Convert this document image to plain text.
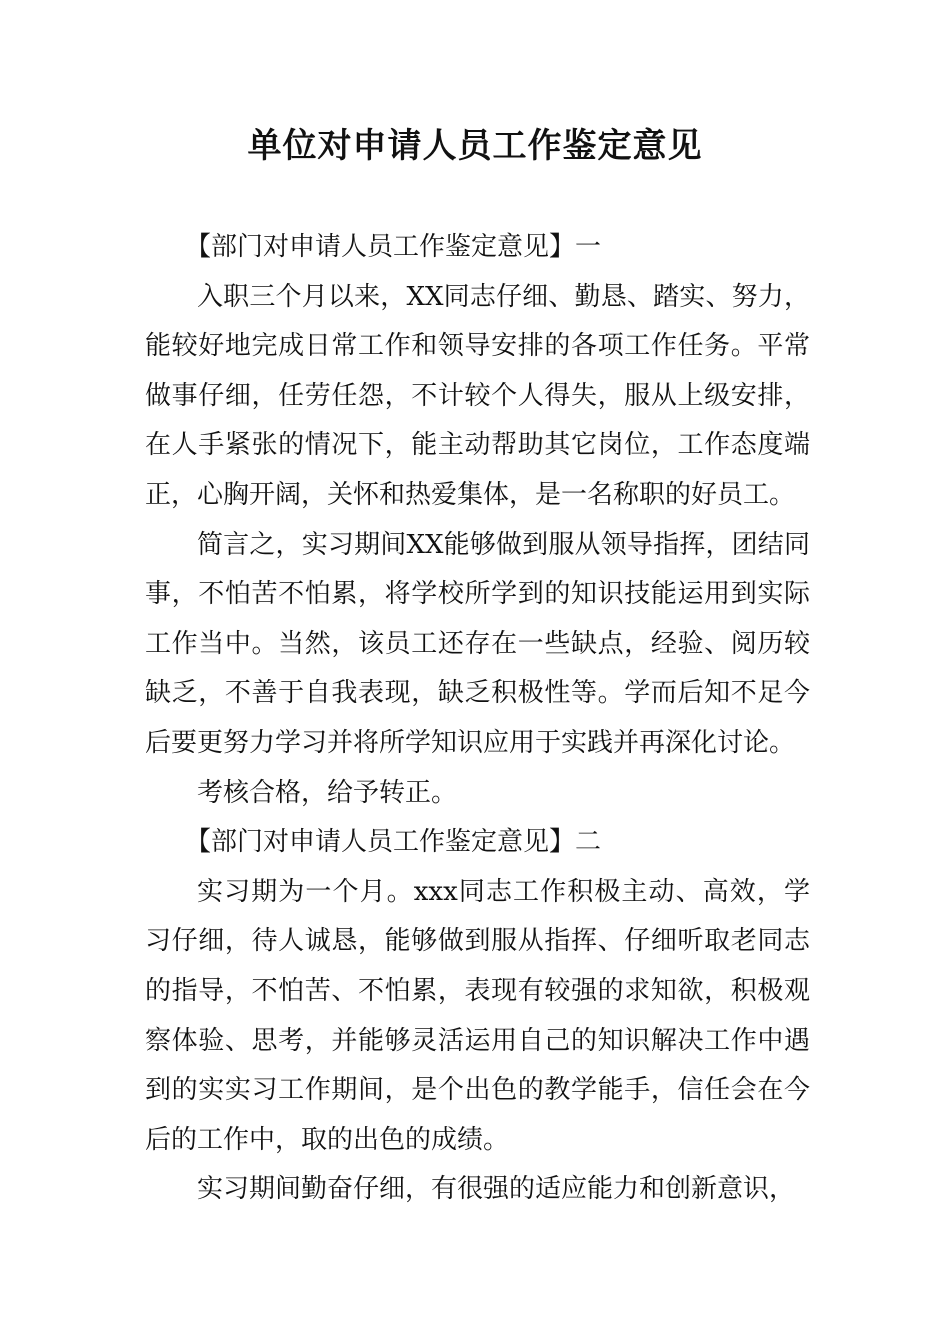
单位对申请人员工作鉴定意见

【部门对申请人员工作鉴定意见】一

入职三个月以来，XX同志仔细、勤恳、踏实、努力，能较好地完成日常工作和领导安排的各项工作任务。平常做事仔细，任劳任怨，不计较个人得失，服从上级安排，在人手紧张的情况下，能主动帮助其它岗位，工作态度端正，心胸开阔，关怀和热爱集体，是一名称职的好员工。

简言之，实习期间XX能够做到服从领导指挥，团结同事，不怕苦不怕累，将学校所学到的知识技能运用到实际工作当中。当然，该员工还存在一些缺点，经验、阅历较缺乏，不善于自我表现，缺乏积极性等。学而后知不足今后要更努力学习并将所学知识应用于实践并再深化讨论。

考核合格，给予转正。

【部门对申请人员工作鉴定意见】二

实习期为一个月。xxx同志工作积极主动、高效，学习仔细，待人诚恳，能够做到服从指挥、仔细听取老同志的指导，不怕苦、不怕累，表现有较强的求知欲，积极观察体验、思考，并能够灵活运用自己的知识解决工作中遇到的实实习工作期间，是个出色的教学能手，信任会在今后的工作中，取的出色的成绩。

实习期间勤奋仔细，有很强的适应能力和创新意识，
